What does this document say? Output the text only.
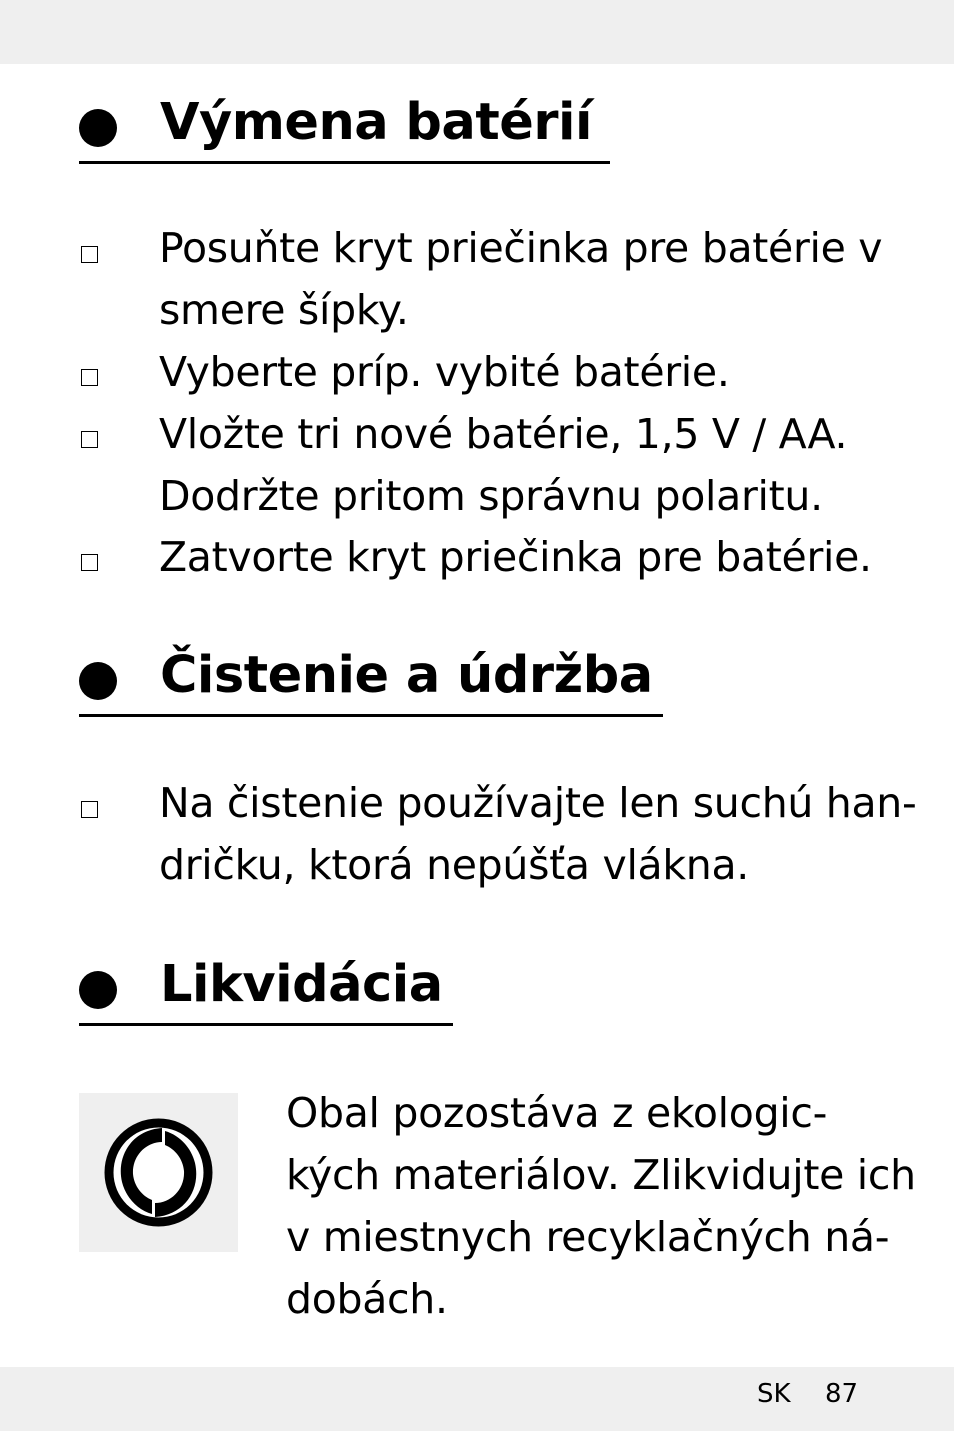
Výmena batérií
Posuňte kryt priečinka pre batérie v
smere šípky.
Vyberte príp. vybité batérie.
Vložte tri nové batérie, 1,5 V / AA.
Dodržte pritom správnu polaritu.
Zatvorte kryt priečinka pre batérie.
Čistenie a údržba
Na čistenie používajte len suchú han-
dričku, ktorá nepúšťa vlákna.
Likvidácia
Obal pozostáva z ekologic-
kých materiálov. Zlikvidujte ich
v miestnych recyklačných ná-
dobách.
SK 87
